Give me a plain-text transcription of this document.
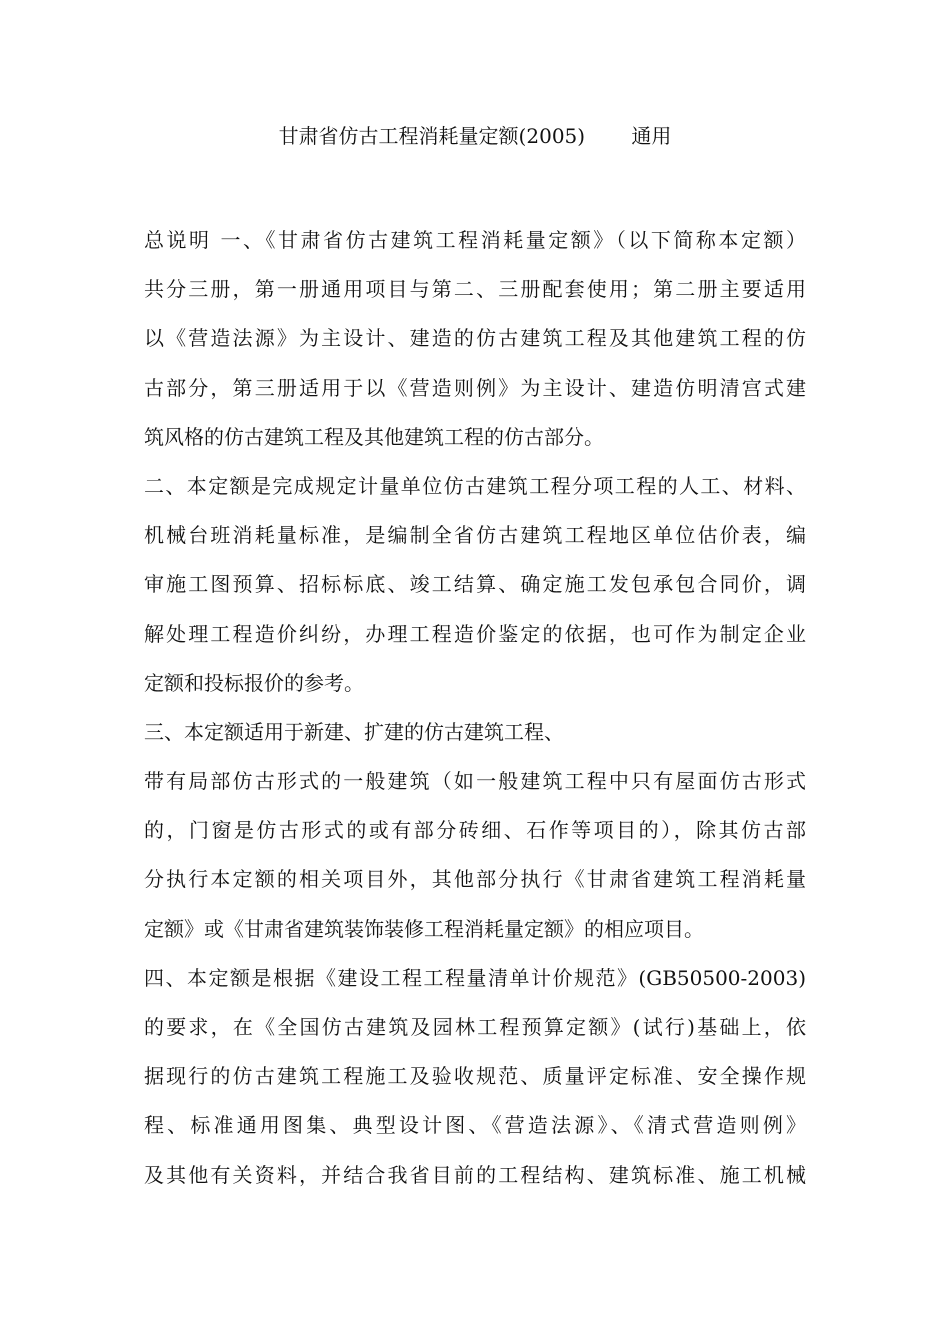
甘肃省仿古工程消耗量定额(2005)　　 通用
总说明 一、《甘肃省仿古建筑工程消耗量定额》（以下简称本定额）
共分三册，第一册通用项目与第二、三册配套使用；第二册主要适用
以《营造法源》为主设计、建造的仿古建筑工程及其他建筑工程的仿
古部分，第三册适用于以《营造则例》为主设计、建造仿明清宫式建
筑风格的仿古建筑工程及其他建筑工程的仿古部分。
二、本定额是完成规定计量单位仿古建筑工程分项工程的人工、材料、
机械台班消耗量标准，是编制全省仿古建筑工程地区单位估价表，编
审施工图预算、招标标底、竣工结算、确定施工发包承包合同价，调
解处理工程造价纠纷，办理工程造价鉴定的依据，也可作为制定企业
定额和投标报价的参考。
三、本定额适用于新建、扩建的仿古建筑工程、
带有局部仿古形式的一般建筑（如一般建筑工程中只有屋面仿古形式
的，门窗是仿古形式的或有部分砖细、石作等项目的），除其仿古部
分执行本定额的相关项目外，其他部分执行《甘肃省建筑工程消耗量
定额》或《甘肃省建筑装饰装修工程消耗量定额》的相应项目。
四、本定额是根据《建设工程工程量清单计价规范》(GB50500-2003)
的要求，在《全国仿古建筑及园林工程预算定额》(试行)基础上，依
据现行的仿古建筑工程施工及验收规范、质量评定标准、安全操作规
程、标准通用图集、典型设计图、《营造法源》、《清式营造则例》
及其他有关资料，并结合我省目前的工程结构、建筑标准、施工机械
